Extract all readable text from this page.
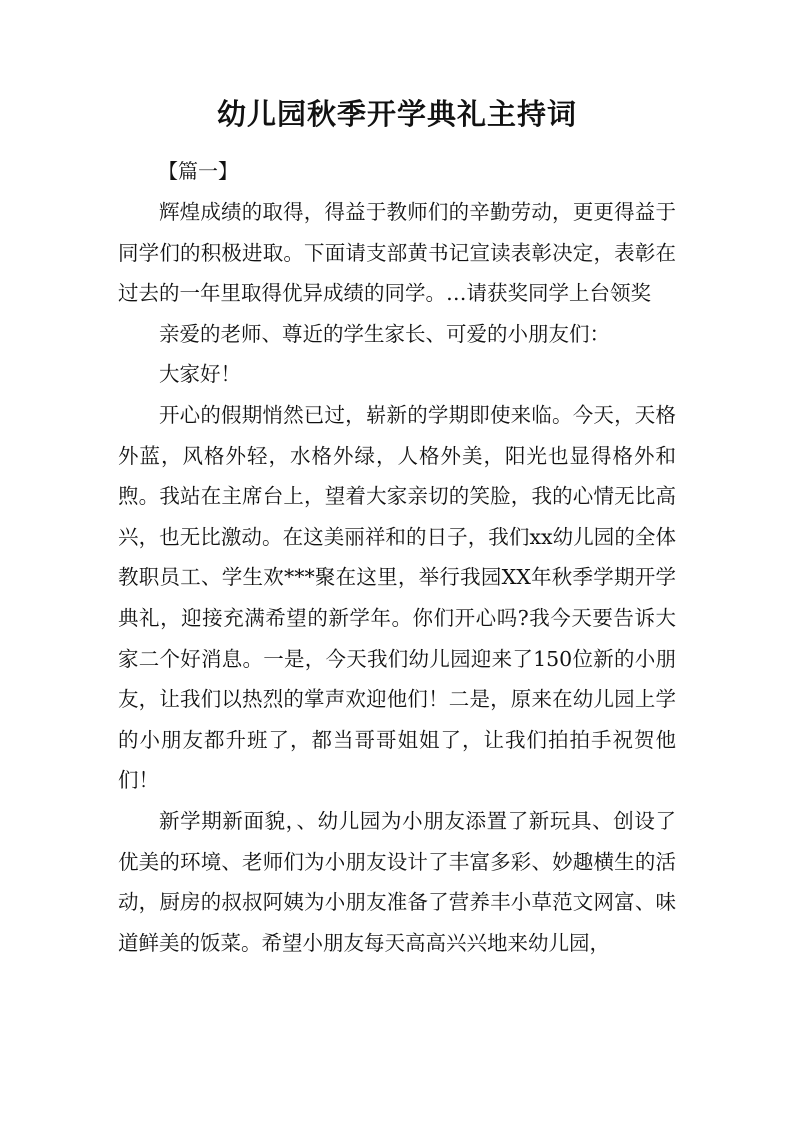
幼儿园秋季开学典礼主持词

【篇一】

辉煌成绩的取得，得益于教师们的辛勤劳动，更更得益于同学们的积极进取。下面请支部黄书记宣读表彰决定，表彰在过去的一年里取得优异成绩的同学。…请获奖同学上台领奖

亲爱的老师、尊近的学生家长、可爱的小朋友们：

大家好！

开心的假期悄然已过，崭新的学期即使来临。今天，天格外蓝，风格外轻，水格外绿，人格外美，阳光也显得格外和煦。我站在主席台上，望着大家亲切的笑脸，我的心情无比高兴，也无比激动。在这美丽祥和的日子，我们xx幼儿园的全体教职员工、学生欢***聚在这里，举行我园XX年秋季学期开学典礼，迎接充满希望的新学年。你们开心吗?我今天要告诉大家二个好消息。一是，今天我们幼儿园迎来了150位新的小朋友，让我们以热烈的掌声欢迎他们！二是，原来在幼儿园上学的小朋友都升班了，都当哥哥姐姐了，让我们拍拍手祝贺他们！

新学期新面貌，、幼儿园为小朋友添置了新玩具、创设了优美的环境、老师们为小朋友设计了丰富多彩、妙趣横生的活动，厨房的叔叔阿姨为小朋友准备了营养丰小草范文网富、味道鲜美的饭菜。希望小朋友每天高高兴兴地来幼儿园，
